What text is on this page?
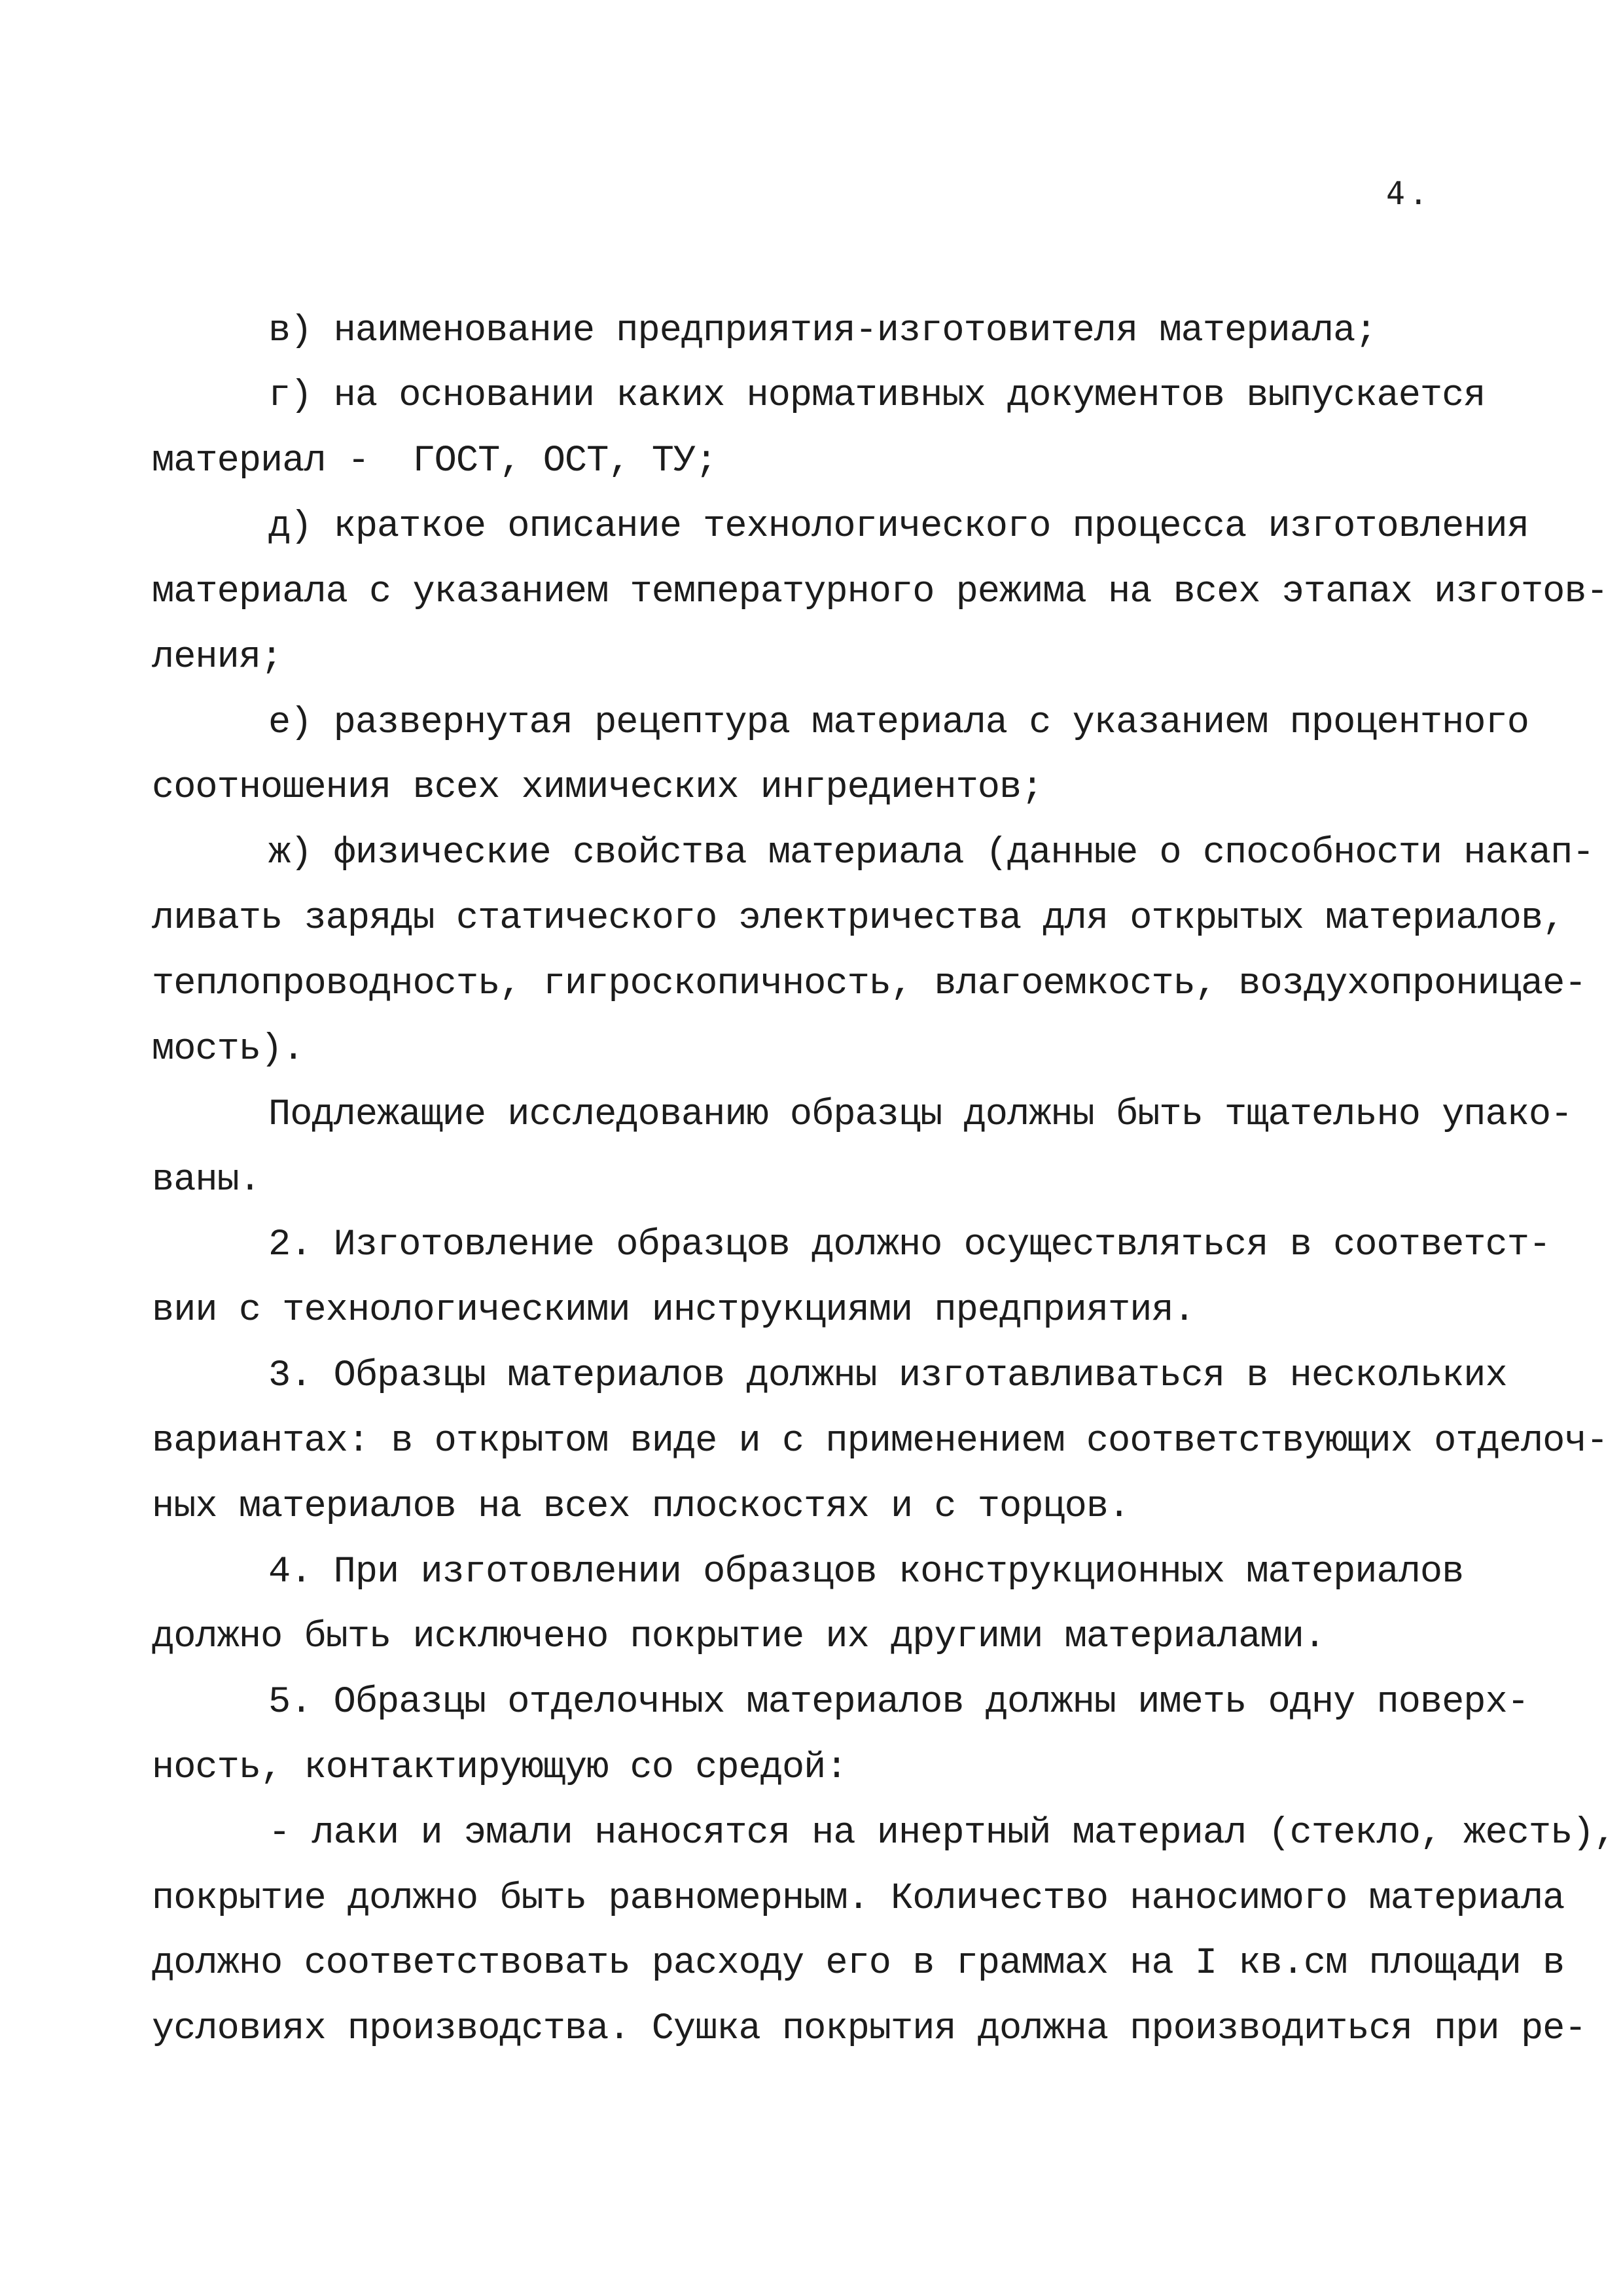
4.
в) наименование предприятия-изготовителя материала;
г) на основании каких нормативных документов выпускается
материал -  ГОСТ, ОСТ, ТУ;
д) краткое описание технологического процесса изготовления
материала с указанием температурного режима на всех этапах изготов-
ления;
е) развернутая рецептура материала с указанием процентного
соотношения всех химических ингредиентов;
ж) физические свойства материала (данные о способности накап-
ливать заряды статического электричества для открытых материалов,
теплопроводность, гигроскопичность, влагоемкость, воздухопроницае-
мость).
Подлежащие исследованию образцы должны быть тщательно упако-
ваны.
2. Изготовление образцов должно осуществляться в соответст-
вии с технологическими инструкциями предприятия.
3. Образцы материалов должны изготавливаться в нескольких
вариантах: в открытом виде и с применением соответствующих отделоч-
ных материалов на всех плоскостях и с торцов.
4. При изготовлении образцов конструкционных материалов
должно быть исключено покрытие их другими материалами.
5. Образцы отделочных материалов должны иметь одну поверх-
ность, контактирующую со средой:
- лаки и эмали наносятся на инертный материал (стекло, жесть),
покрытие должно быть равномерным. Количество наносимого материала
должно соответствовать расходу его в граммах на I кв.см площади в
условиях производства. Сушка покрытия должна производиться при ре-
